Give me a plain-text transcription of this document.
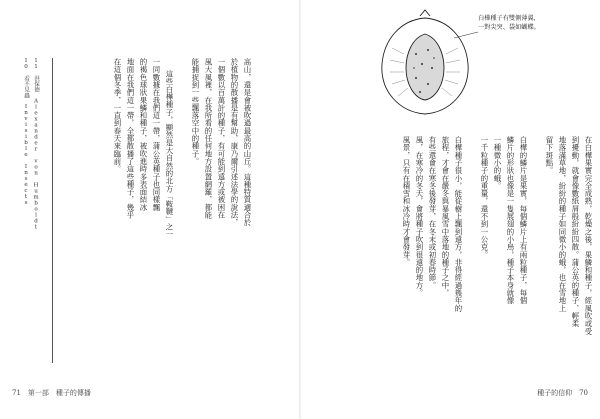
10　看不見蟲 Invisible Insects
11　洪保德 Alexander von Humboldt	高山，還是會被吹過最高的山丘。這種特質適合於
於植物的散播是有幫助，康乃爾引述法學的說法，
一個數以百萬計的種子，有可能到遠方或被困在
風大風裡，在我所看的任何地方設置網羅，都能
能捕捉到一些飄落空中的種子。
這些白樺種子，顯然是大自然的北方「鞍韃」之一
一同數據在我們這一帶，蒲公英種子也同樣飄
的褐色球狀果鱗和種子，被吹進時多表面結冰
地面在我們這一帶，全都散播了這些種子，幾乎
在這個冬季，一直到春天來臨前。
71　 第一部　種子的傳播
白樺種子有雙側薄翼，
一對尖突、袋如蝴蝶。
在白樺果實完全成熟，乾燥之後，果鱗和種子，經風吹或受
到擾動，就會像數紙屑般紛紛四散。蒲公英的種子、輕柔
地落滿草地，紛紛的種子如同微小的蛾，也在雪地上
留下斑點。
白樺的鱗片是果實，每個鱗片上有兩粒種子，每個
鱗片的形狀也像是一隻展翅的小鳥，種子本身就像
一種微小的蛾。
一千粒種子的重量，還不到一公克。
白樺種子很小，能從樹上飄到遠方，非得經過幾年的
旅程，才會在嚴冬與暴風雪中落地的種子之中，
有些還會在寒冬後發芽，在冬末或初春時節。
風，在寒冷的冬天，會將種子吹到很遠的地方。
風景，只有在積雪和冰冷時才會發芽。
種子的信仰　 70
